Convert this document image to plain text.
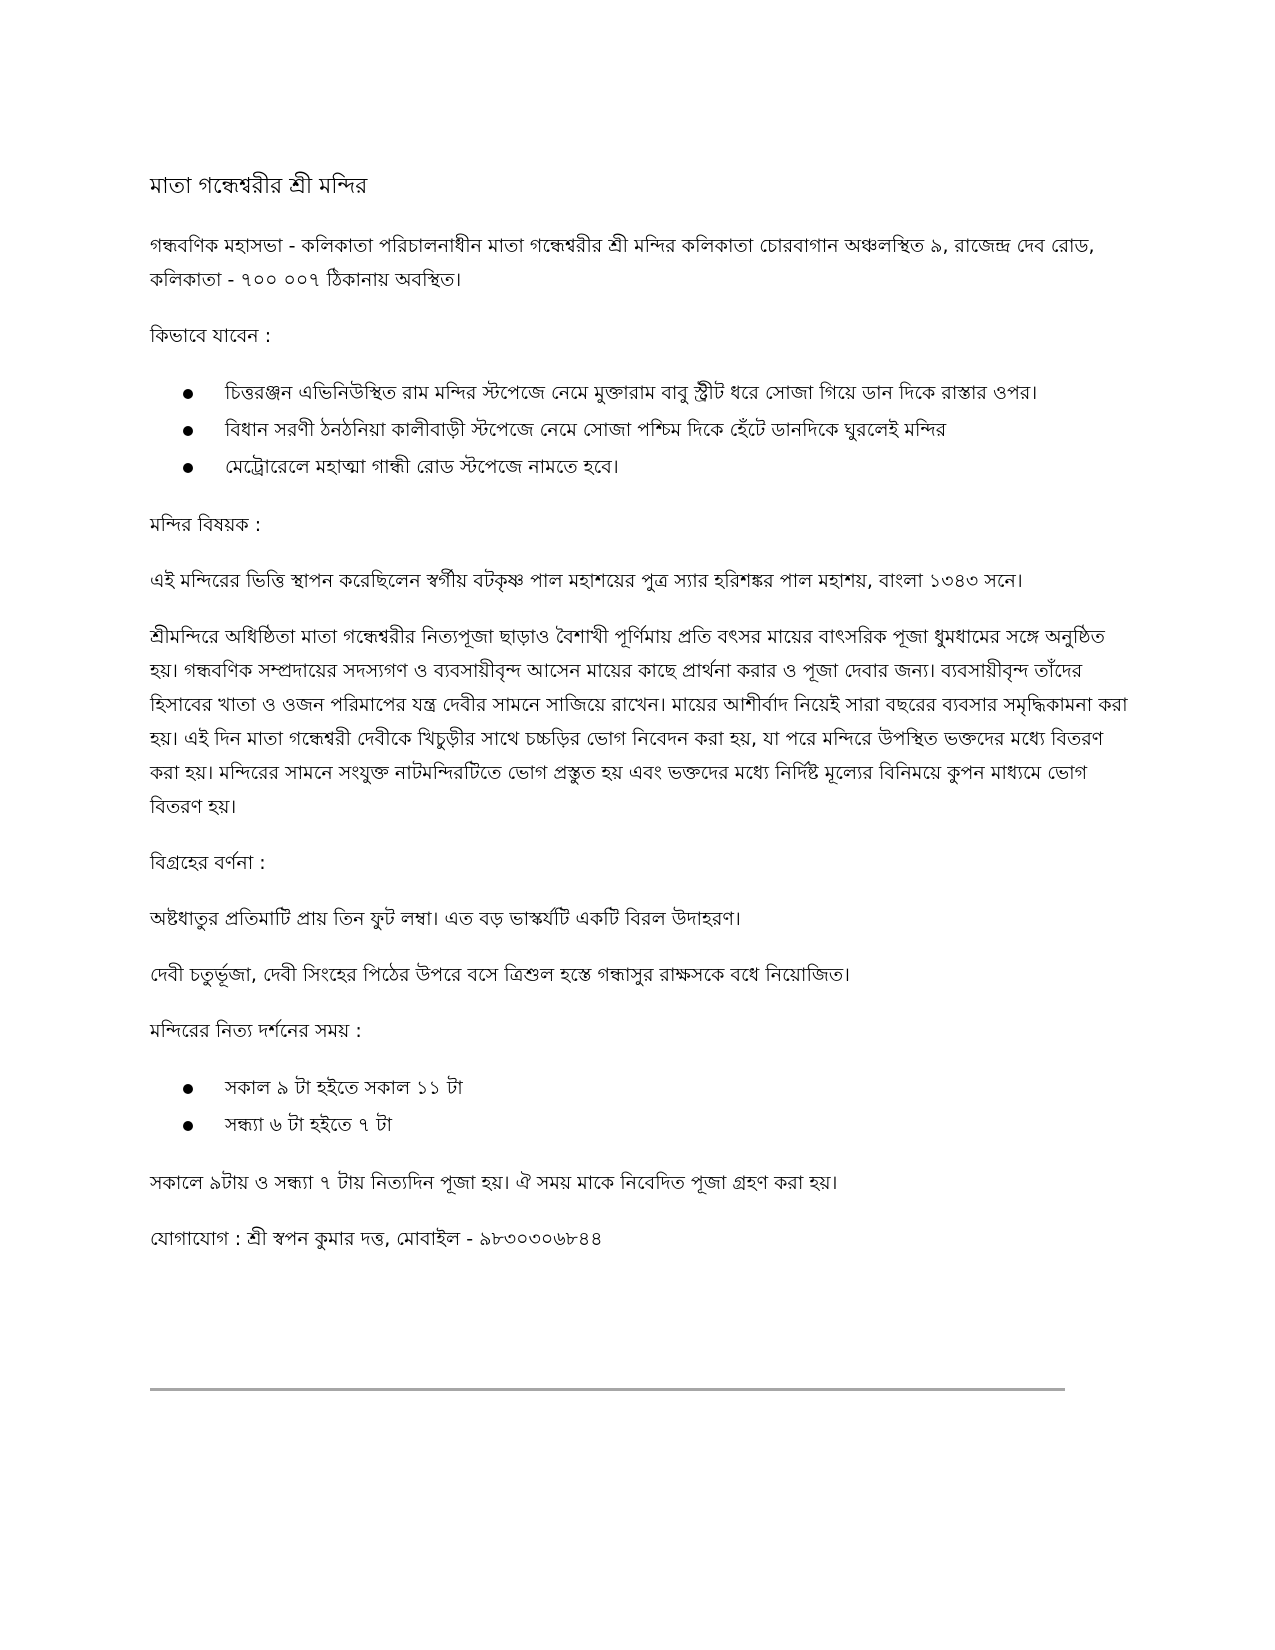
মাতা গন্ধেশ্বরীর শ্রী মন্দির

গন্ধবণিক মহাসভা - কলিকাতা পরিচালনাধীন মাতা গন্ধেশ্বরীর শ্রী মন্দির কলিকাতা চোরবাগান অঞ্চলস্থিত ৯, রাজেন্দ্র দেব রোড, কলিকাতা - ৭০০ ০০৭ ঠিকানায় অবস্থিত।

কিভাবে যাবেন :

চিত্তরঞ্জন এভিনিউস্থিত রাম মন্দির স্টপেজে নেমে মুক্তারাম বাবু স্ট্রীট ধরে সোজা গিয়ে ডান দিকে রাস্তার ওপর।
বিধান সরণী ঠনঠনিয়া কালীবাড়ী স্টপেজে নেমে সোজা পশ্চিম দিকে হেঁটে ডানদিকে ঘুরলেই মন্দির
মেট্রোরেলে মহাত্মা গান্ধী রোড স্টপেজে নামতে হবে।

মন্দির বিষয়ক :

এই মন্দিরের ভিত্তি স্থাপন করেছিলেন স্বর্গীয় বটকৃষ্ণ পাল মহাশয়ের পুত্র স্যার হরিশঙ্কর পাল মহাশয়, বাংলা ১৩৪৩ সনে।

শ্রীমন্দিরে অধিষ্ঠিতা মাতা গন্ধেশ্বরীর নিত্যপূজা ছাড়াও বৈশাখী পূর্ণিমায় প্রতি বৎসর মায়ের বাৎসরিক পূজা ধুমধামের সঙ্গে অনুষ্ঠিত হয়। গন্ধবণিক সম্প্রদায়ের সদস্যগণ ও ব্যবসায়ীবৃন্দ আসেন মায়ের কাছে প্রার্থনা করার ও পূজা দেবার জন্য। ব্যবসায়ীবৃন্দ তাঁদের হিসাবের খাতা ও ওজন পরিমাপের যন্ত্র দেবীর সামনে সাজিয়ে রাখেন। মায়ের আশীর্বাদ নিয়েই সারা বছরের ব্যবসার সমৃদ্ধিকামনা করা হয়। এই দিন মাতা গন্ধেশ্বরী দেবীকে খিচুড়ীর সাথে চচ্চড়ির ভোগ নিবেদন করা হয়, যা পরে মন্দিরে উপস্থিত ভক্তদের মধ্যে বিতরণ করা হয়। মন্দিরের সামনে সংযুক্ত নাটমন্দিরটিতে ভোগ প্রস্তুত হয় এবং ভক্তদের মধ্যে নির্দিষ্ট মূল্যের বিনিময়ে কুপন মাধ্যমে ভোগ বিতরণ হয়।

বিগ্রহের বর্ণনা :

অষ্টধাতুর প্রতিমাটি প্রায় তিন ফুট লম্বা। এত বড় ভাস্কর্যটি একটি বিরল উদাহরণ।

দেবী চতুর্ভূজা, দেবী সিংহের পিঠের উপরে বসে ত্রিশুল হস্তে গন্ধাসুর রাক্ষসকে বধে নিয়োজিত।

মন্দিরের নিত্য দর্শনের সময় :

সকাল ৯ টা হইতে সকাল ১১ টা
সন্ধ্যা ৬ টা হইতে ৭ টা

সকালে ৯টায় ও সন্ধ্যা ৭ টায় নিত্যদিন পূজা হয়। ঐ সময় মাকে নিবেদিত পূজা গ্রহণ করা হয়।

যোগাযোগ : শ্রী স্বপন কুমার দত্ত, মোবাইল - ৯৮৩০৩০৬৮৪৪
